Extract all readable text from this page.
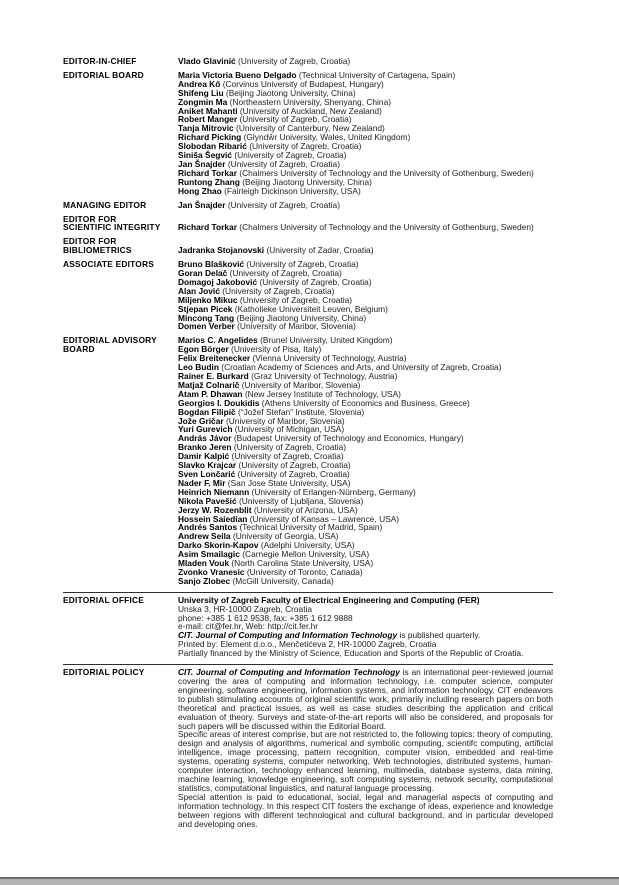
EDITOR-IN-CHIEF	Vlado Glavinić (University of Zagreb, Croatia)
EDITORIAL BOARD	Maria Victoria Bueno Delgado (Technical University of Cartagena, Spain)
Andrea Kő (Corvinus University of Budapest, Hungary)
Shifeng Liu (Beijing Jiaotong University, China)
Zongmin Ma (Northeastern University, Shenyang, China)
Aniket Mahanti (University of Auckland, New Zealand)
Robert Manger (University of Zagreb, Croatia)
Tanja Mitrovic (University of Canterbury, New Zealand)
Richard Picking (Glyndŵr University, Wales, United Kingdom)
Slobodan Ribarić (University of Zagreb, Croatia)
Siniša Šegvić (University of Zagreb, Croatia)
Jan Šnajder (University of Zagreb, Croatia)
Richard Torkar (Chalmers University of Technology and the University of Gothenburg, Sweden)
Runtong Zhang (Beijing Jiaotong University, China)
Hong Zhao (Fairleigh Dickinson University, USA)
MANAGING EDITOR	Jan Šnajder (University of Zagreb, Croatia)
EDITOR FOR
SCIENTIFIC INTEGRITY	Richard Torkar (Chalmers University of Technology and the University of Gothenburg, Sweden)
EDITOR FOR
BIBLIOMETRICS	Jadranka Stojanovski (University of Zadar, Croatia)
ASSOCIATE EDITORS	Bruno Blašković (University of Zagreb, Croatia)
Goran Delač (University of Zagreb, Croatia)
Domagoj Jakobović (University of Zagreb, Croatia)
Alan Jović (University of Zagreb, Croatia)
Miljenko Mikuc (University of Zagreb, Croatia)
Stjepan Picek (Katholieke Universiteit Leuven, Belgium)
Mincong Tang (Beijing Jiaotong University, China)
Domen Verber (University of Maribor, Slovenia)
EDITORIAL ADVISORY
BOARD
Marios C. Angelides (Brunel University, United Kingdom)
Egon Börger (University of Pisa, Italy)
Felix Breitenecker (Vienna University of Technology, Austria)
Leo Budin (Croatian Academy of Sciences and Arts, and University of Zagreb, Croatia)
Rainer E. Burkard (Graz University of Technology, Austria)
Matjaž Colnarič (University of Maribor, Slovenia)
Atam P. Dhawan (New Jersey Institute of Technology, USA)
Georgios I. Doukidis (Athens University of Economics and Business, Greece)
Bogdan Filipič (“Jožef Stefan” Institute, Slovenia)
Jože Gričar (University of Maribor, Slovenia)
Yuri Gurevich (University of Michigan, USA)
András Jávor (Budapest University of Technology and Economics, Hungary)
Branko Jeren (University of Zagreb, Croatia)
Damir Kalpić (University of Zagreb, Croatia)
Slavko Krajcar (University of Zagreb, Croatia)
Sven Lončarić (University of Zagreb, Croatia)
Nader F. Mir (San Jose State University, USA)
Heinrich Niemann (University of Erlangen-Nürnberg, Germany)
Nikola Pavešić (University of Ljubljana, Slovenia)
Jerzy W. Rozenblit (University of Arizona, USA)
Hossein Saiedian (University of Kansas – Lawrence, USA)
Andrés Santos (Technical University of Madrid, Spain)
Andrew Seila (University of Georgia, USA)
Darko Skorin-Kapov (Adelphi University, USA)
Asim Smailagic (Carnegie Mellon University, USA)
Mladen Vouk (North Carolina State University, USA)
Zvonko Vranesic (University of Toronto, Canada)
Sanjo Zlobec (McGill University, Canada)
EDITORIAL OFFICE	University of Zagreb Faculty of Electrical Engineering and Computing (FER)
Unska 3, HR-10000 Zagreb, Croatia
phone: +385 1 612 9538, fax: +385 1 612 9888
e-mail: cit@fer.hr, Web: http://cit.fer.hr
CIT. Journal of Computing and Information Technology is published quarterly.
Printed by: Element d.o.o., Menčetićeva 2, HR-10000 Zagreb, Croatia
Partially financed by the Ministry of Science, Education and Sports of the Republic of Croatia.
EDITORIAL POLICY	CIT. Journal of Computing and Information Technology is an international peer-reviewed journal covering the area of computing and information technology, i.e. computer science, computer engineering, software engineering, information systems, and information technology. CIT endeavors to publish stimulating accounts of original scientific work, primarily including research papers on both theoretical and practical issues, as well as case studies describing the application and critical evaluation of theory. Surveys and state-of-the-art reports will also be considered, and proposals for such papers will be discussed within the Editorial Board.

Specific areas of interest comprise, but are not restricted to, the following topics: theory of computing, design and analysis of algorithms, numerical and symbolic computing, scientifc computing, artificial intelligence, image processing, pattern recognition, computer vision, embedded and real-time systems, operating systems, computer networking, Web technologies, distributed systems, human-computer interaction, technology enhanced learning, multimedia, database systems, data mining, machine learning, knowledge engineering, soft computing systems, network security, computational statistics, computational linguistics, and natural language processing.

Special attention is paid to educational, social, legal and managerial aspects of computing and information technology. In this respect CIT fosters the exchange of ideas, experience and knowledge between regions with different technological and cultural background, and in particular developed and developing ones.
